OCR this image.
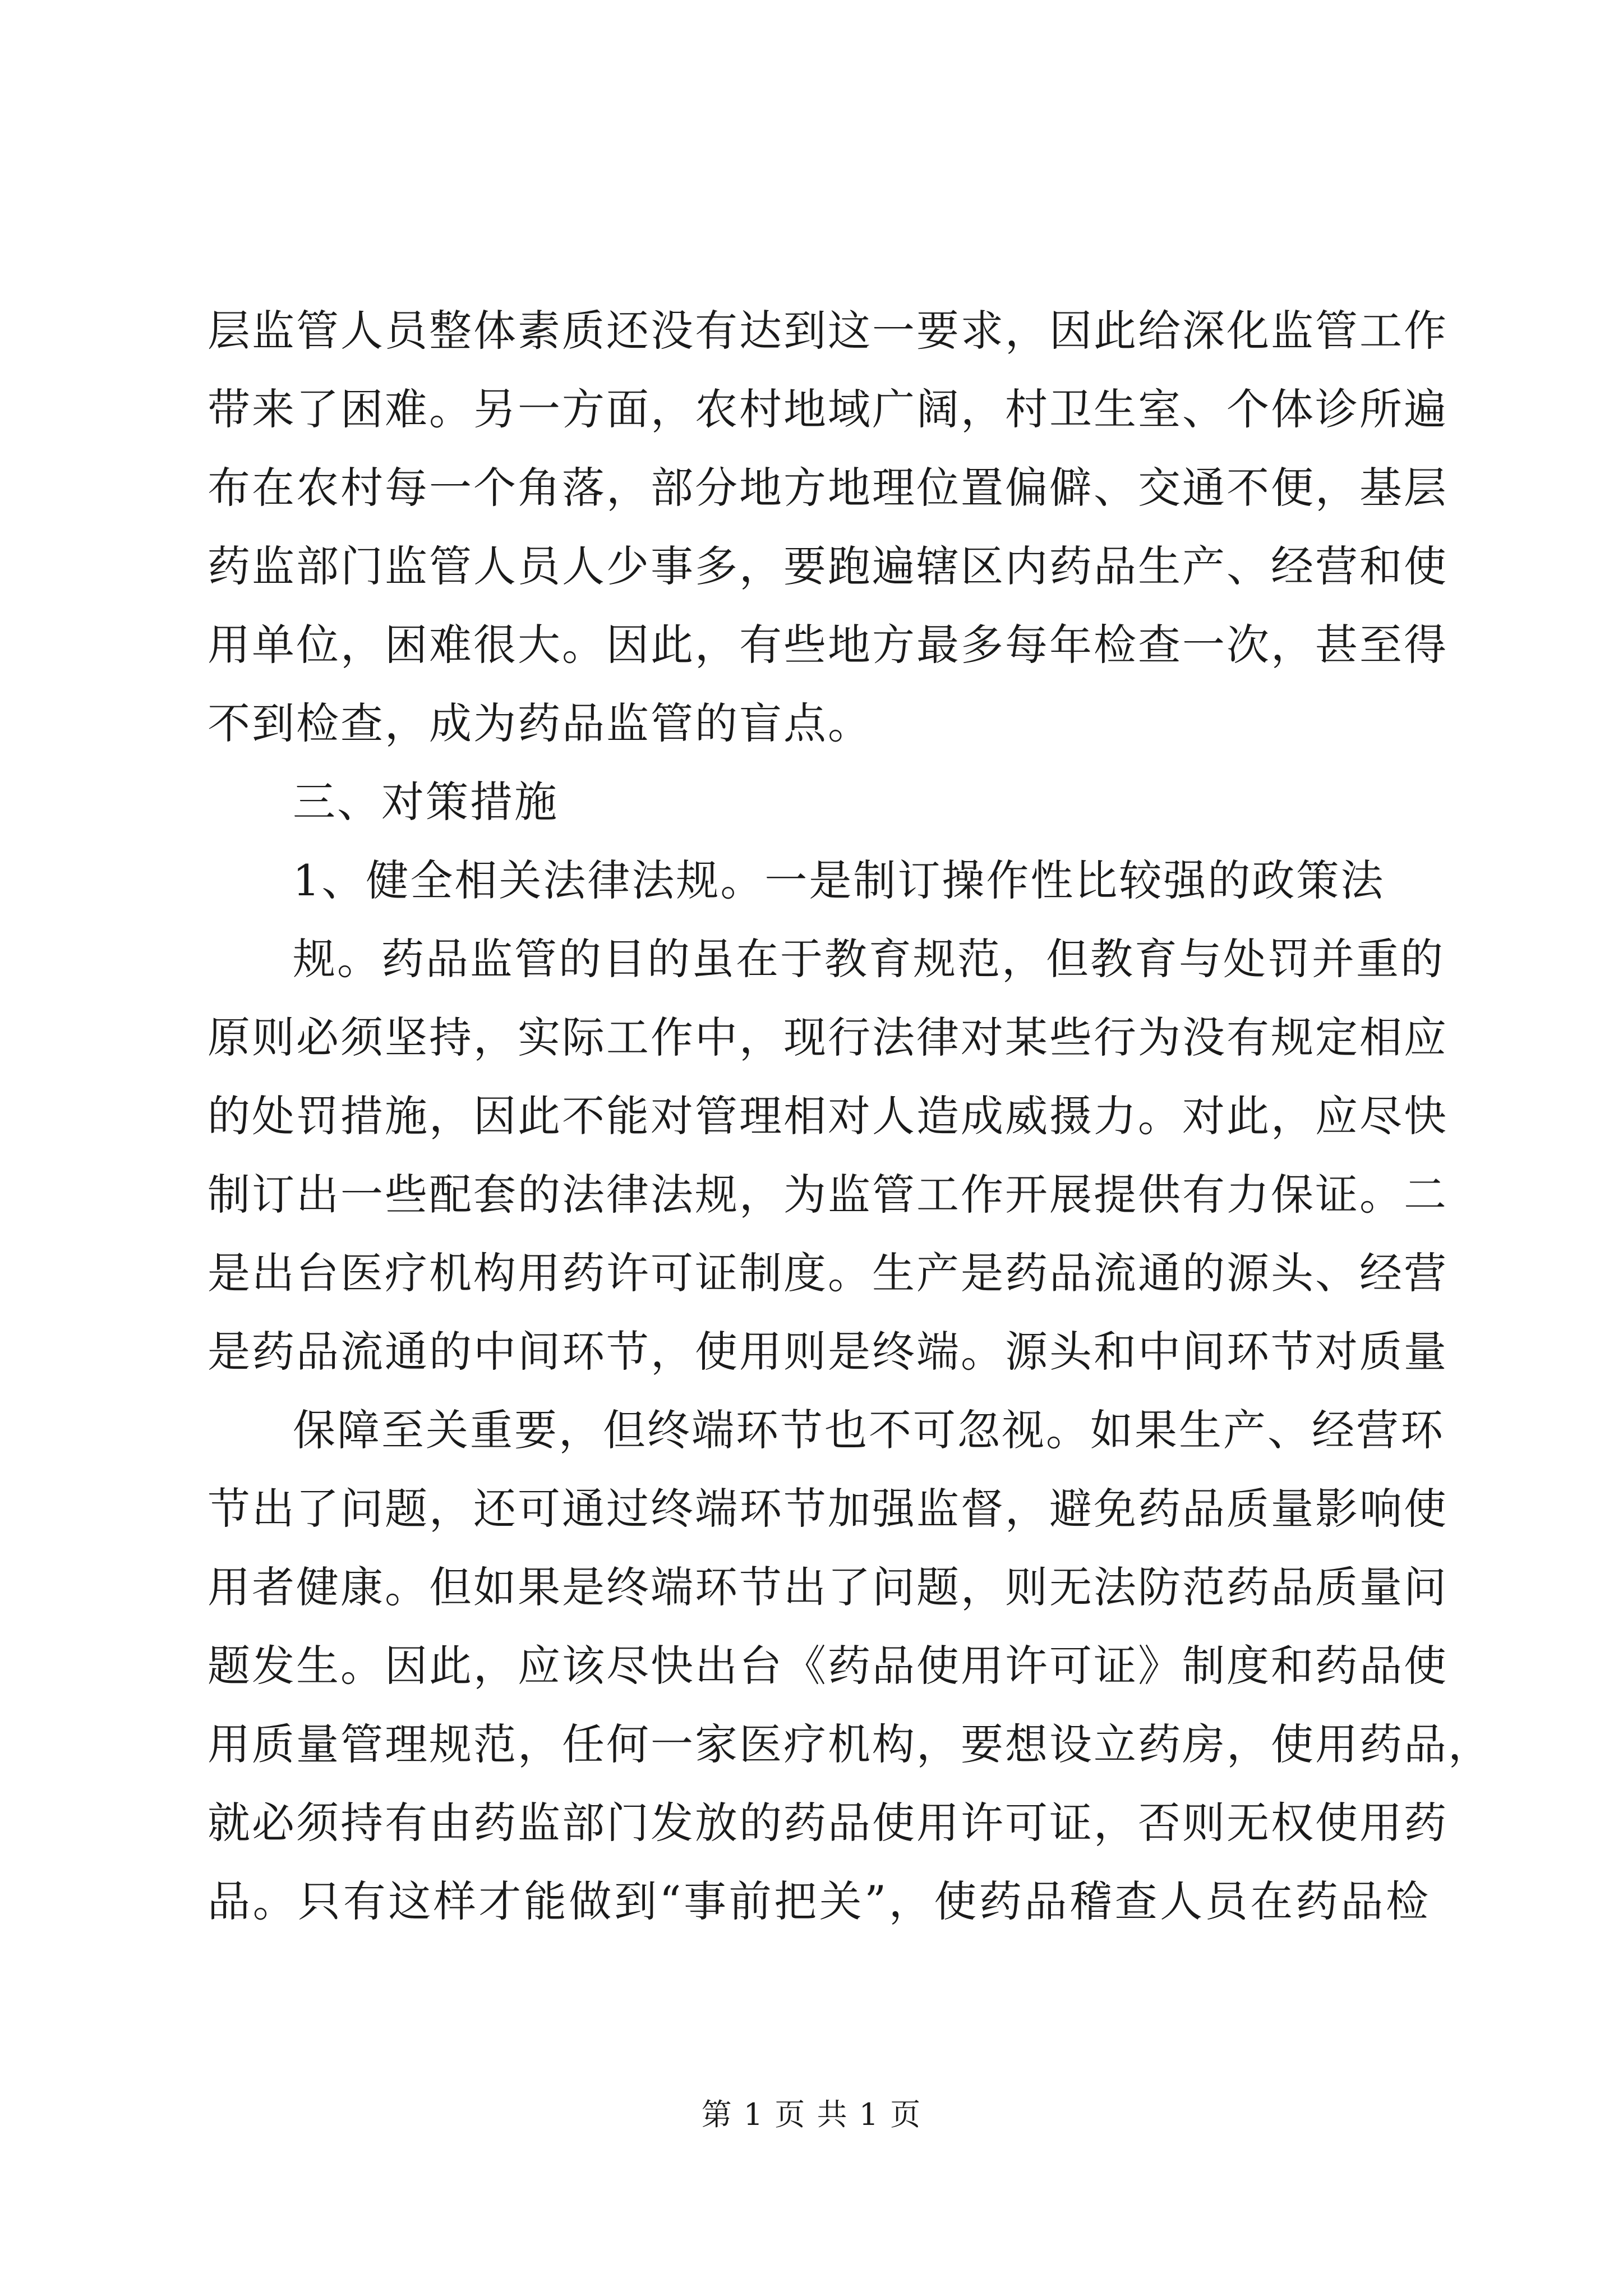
层监管人员整体素质还没有达到这一要求，因此给深化监管工作
带来了困难。另一方面，农村地域广阔，村卫生室、个体诊所遍
布在农村每一个角落，部分地方地理位置偏僻、交通不便，基层
药监部门监管人员人少事多，要跑遍辖区内药品生产、经营和使
用单位，困难很大。因此，有些地方最多每年检查一次，甚至得
不到检查，成为药品监管的盲点。
三、对策措施
1、健全相关法律法规。一是制订操作性比较强的政策法
规。药品监管的目的虽在于教育规范，但教育与处罚并重的
原则必须坚持，实际工作中，现行法律对某些行为没有规定相应
的处罚措施，因此不能对管理相对人造成威摄力。对此，应尽快
制订出一些配套的法律法规，为监管工作开展提供有力保证。二
是出台医疗机构用药许可证制度。生产是药品流通的源头、经营
是药品流通的中间环节，使用则是终端。源头和中间环节对质量
保障至关重要，但终端环节也不可忽视。如果生产、经营环
节出了问题，还可通过终端环节加强监督，避免药品质量影响使
用者健康。但如果是终端环节出了问题，则无法防范药品质量问
题发生。因此，应该尽快出台《药品使用许可证》制度和药品使
用质量管理规范，任何一家医疗机构，要想设立药房，使用药品，
就必须持有由药监部门发放的药品使用许可证，否则无权使用药
品。只有这样才能做到“事前把关”，使药品稽查人员在药品检
第 1 页 共 1 页
